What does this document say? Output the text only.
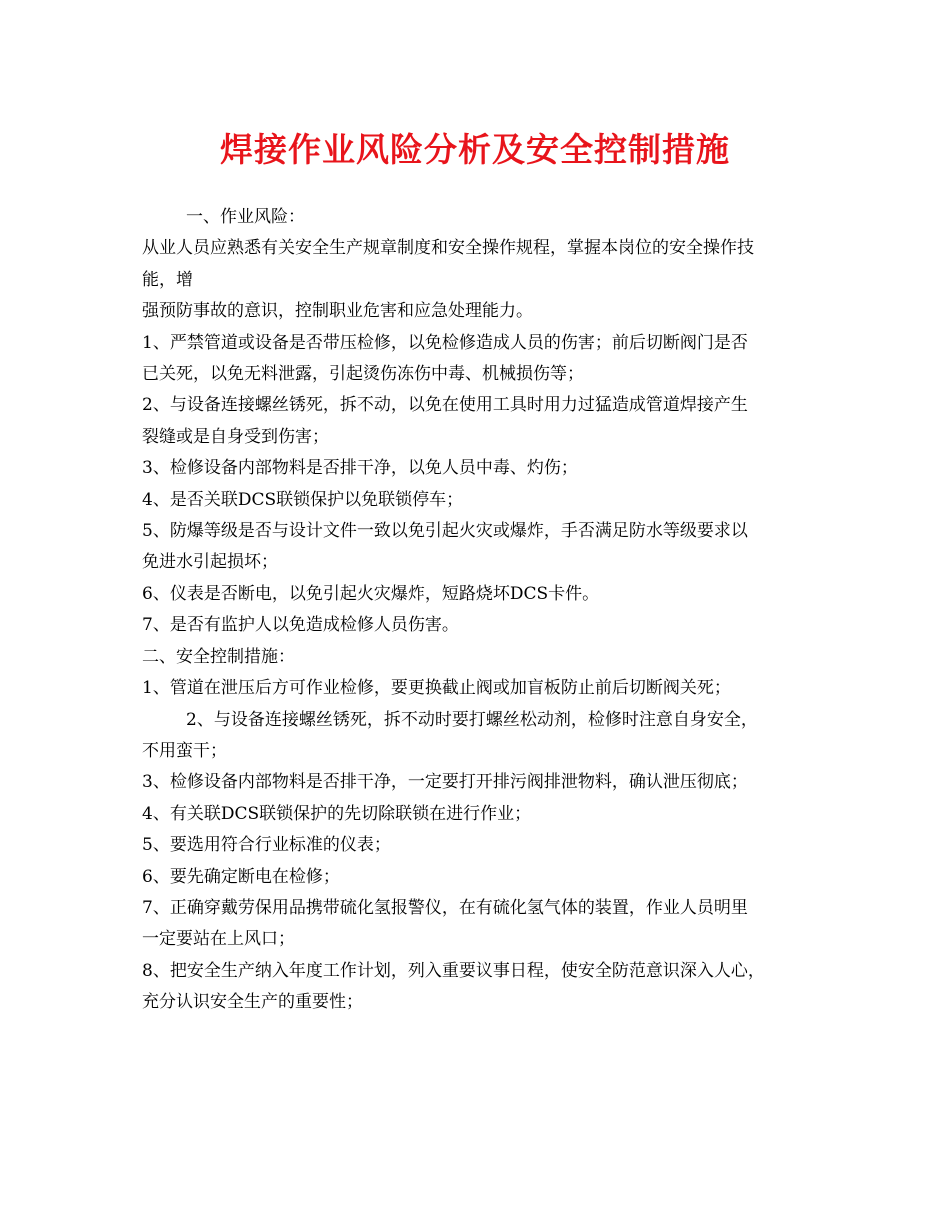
焊接作业风险分析及安全控制措施

一、作业风险：

从业人员应熟悉有关安全生产规章制度和安全操作规程，掌握本岗位的安全操作技

能，增

强预防事故的意识，控制职业危害和应急处理能力。

1、严禁管道或设备是否带压检修，以免检修造成人员的伤害；前后切断阀门是否

已关死，以免无料泄露，引起烫伤冻伤中毒、机械损伤等；

2、与设备连接螺丝锈死，拆不动，以免在使用工具时用力过猛造成管道焊接产生

裂缝或是自身受到伤害；

3、检修设备内部物料是否排干净，以免人员中毒、灼伤；

4、是否关联DCS联锁保护以免联锁停车；

5、防爆等级是否与设计文件一致以免引起火灾或爆炸，手否满足防水等级要求以

免进水引起损坏；

6、仪表是否断电，以免引起火灾爆炸，短路烧坏DCS卡件。

7、是否有监护人以免造成检修人员伤害。

二、安全控制措施：

1、管道在泄压后方可作业检修，要更换截止阀或加盲板防止前后切断阀关死；

2、与设备连接螺丝锈死，拆不动时要打螺丝松动剂，检修时注意自身安全，

不用蛮干；

3、检修设备内部物料是否排干净，一定要打开排污阀排泄物料，确认泄压彻底；

4、有关联DCS联锁保护的先切除联锁在进行作业；

5、要选用符合行业标准的仪表；

6、要先确定断电在检修；

7、正确穿戴劳保用品携带硫化氢报警仪，在有硫化氢气体的装置，作业人员明里

一定要站在上风口；

8、把安全生产纳入年度工作计划，列入重要议事日程，使安全防范意识深入人心，

充分认识安全生产的重要性；
